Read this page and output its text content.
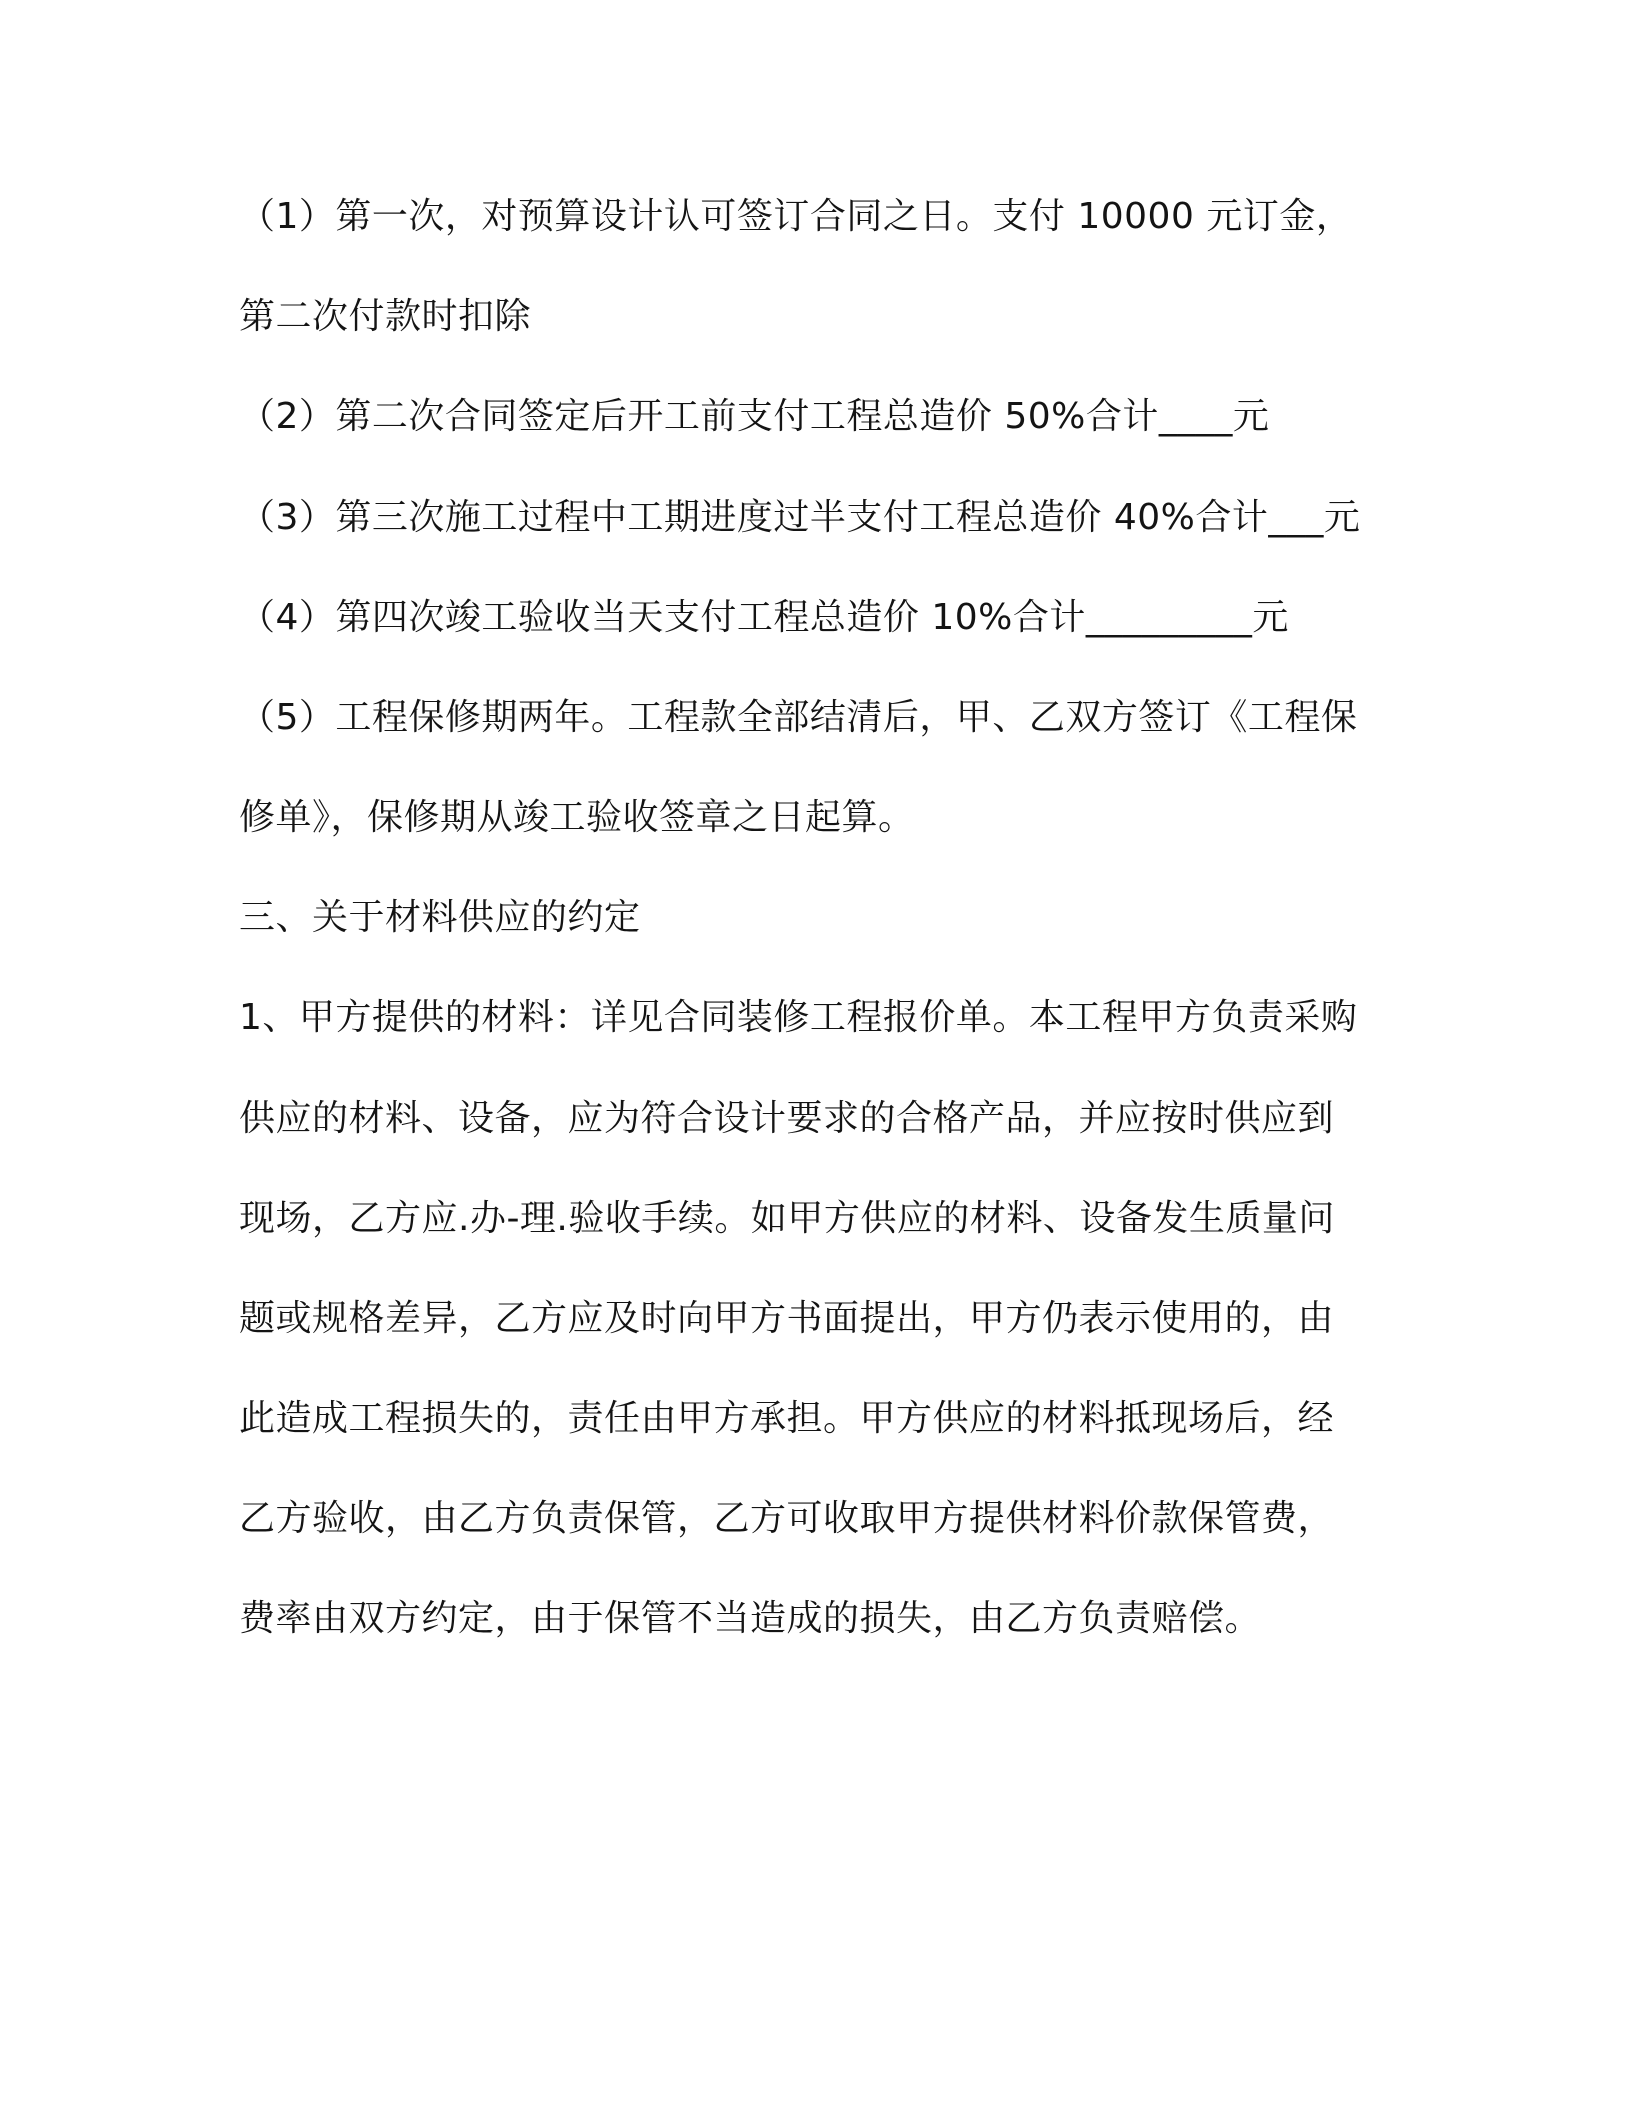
（1）第一次，对预算设计认可签订合同之日。支付 10000 元订金，
第二次付款时扣除
（2）第二次合同签定后开工前支付工程总造价 50%合计____元
（3）第三次施工过程中工期进度过半支付工程总造价 40%合计___元
（4）第四次竣工验收当天支付工程总造价 10%合计_________元
（5）工程保修期两年。工程款全部结清后，甲、乙双方签订《工程保
修单》，保修期从竣工验收签章之日起算。
三、关于材料供应的约定
1、甲方提供的材料：详见合同装修工程报价单。本工程甲方负责采购
供应的材料、设备，应为符合设计要求的合格产品，并应按时供应到
现场，乙方应.办-理.验收手续。如甲方供应的材料、设备发生质量问
题或规格差异，乙方应及时向甲方书面提出，甲方仍表示使用的，由
此造成工程损失的，责任由甲方承担。甲方供应的材料抵现场后，经
乙方验收，由乙方负责保管，乙方可收取甲方提供材料价款保管费，
费率由双方约定，由于保管不当造成的损失，由乙方负责赔偿。
